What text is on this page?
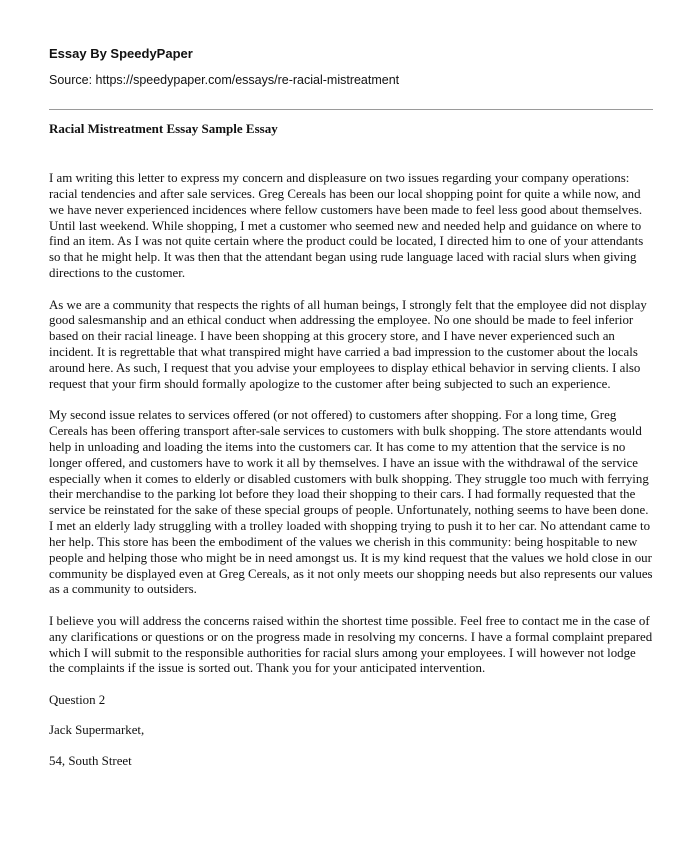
Essay By SpeedyPaper
Source: https://speedypaper.com/essays/re-racial-mistreatment
Racial Mistreatment Essay Sample Essay

I am writing this letter to express my concern and displeasure on two issues regarding your company operations: racial tendencies and after sale services. Greg Cereals has been our local shopping point for quite a while now, and we have never experienced incidences where fellow customers have been made to feel less good about themselves. Until last weekend. While shopping, I met a customer who seemed new and needed help and guidance on where to find an item. As I was not quite certain where the product could be located, I directed him to one of your attendants so that he might help. It was then that the attendant began using rude language laced with racial slurs when giving directions to the customer.

As we are a community that respects the rights of all human beings, I strongly felt that the employee did not display good salesmanship and an ethical conduct when addressing the employee. No one should be made to feel inferior based on their racial lineage. I have been shopping at this grocery store, and I have never experienced such an incident. It is regrettable that what transpired might have carried a bad impression to the customer about the locals around here. As such, I request that you advise your employees to display ethical behavior in serving clients. I also request that your firm should formally apologize to the customer after being subjected to such an experience.

My second issue relates to services offered (or not offered) to customers after shopping. For a long time, Greg Cereals has been offering transport after-sale services to customers with bulk shopping. The store attendants would help in unloading and loading the items into the customers car. It has come to my attention that the service is no longer offered, and customers have to work it all by themselves. I have an issue with the withdrawal of the service especially when it comes to elderly or disabled customers with bulk shopping. They struggle too much with ferrying their merchandise to the parking lot before they load their shopping to their cars. I had formally requested that the service be reinstated for the sake of these special groups of people. Unfortunately, nothing seems to have been done. I met an elderly lady struggling with a trolley loaded with shopping trying to push it to her car. No attendant came to her help. This store has been the embodiment of the values we cherish in this community: being hospitable to new people and helping those who might be in need amongst us. It is my kind request that the values we hold close in our community be displayed even at Greg Cereals, as it not only meets our shopping needs but also represents our values as a community to outsiders.

I believe you will address the concerns raised within the shortest time possible. Feel free to contact me in the case of any clarifications or questions or on the progress made in resolving my concerns. I have a formal complaint prepared which I will submit to the responsible authorities for racial slurs among your employees. I will however not lodge the complaints if the issue is sorted out. Thank you for your anticipated intervention.

Question 2

Jack Supermarket,

54, South Street
